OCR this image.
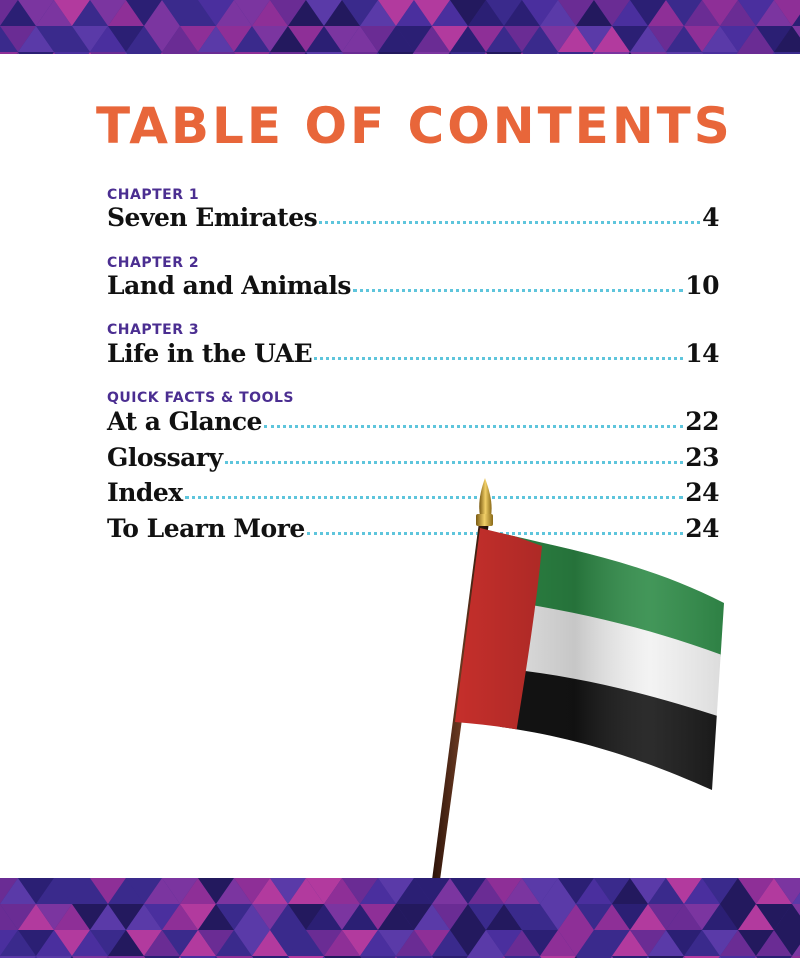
TABLE OF CONTENTS
CHAPTER 1
Seven Emirates	4
CHAPTER 2
Land and Animals	10
CHAPTER 3
Life in the UAE	14
QUICK FACTS & TOOLS
At a Glance	22
Glossary	23
Index	24
To Learn More	24
